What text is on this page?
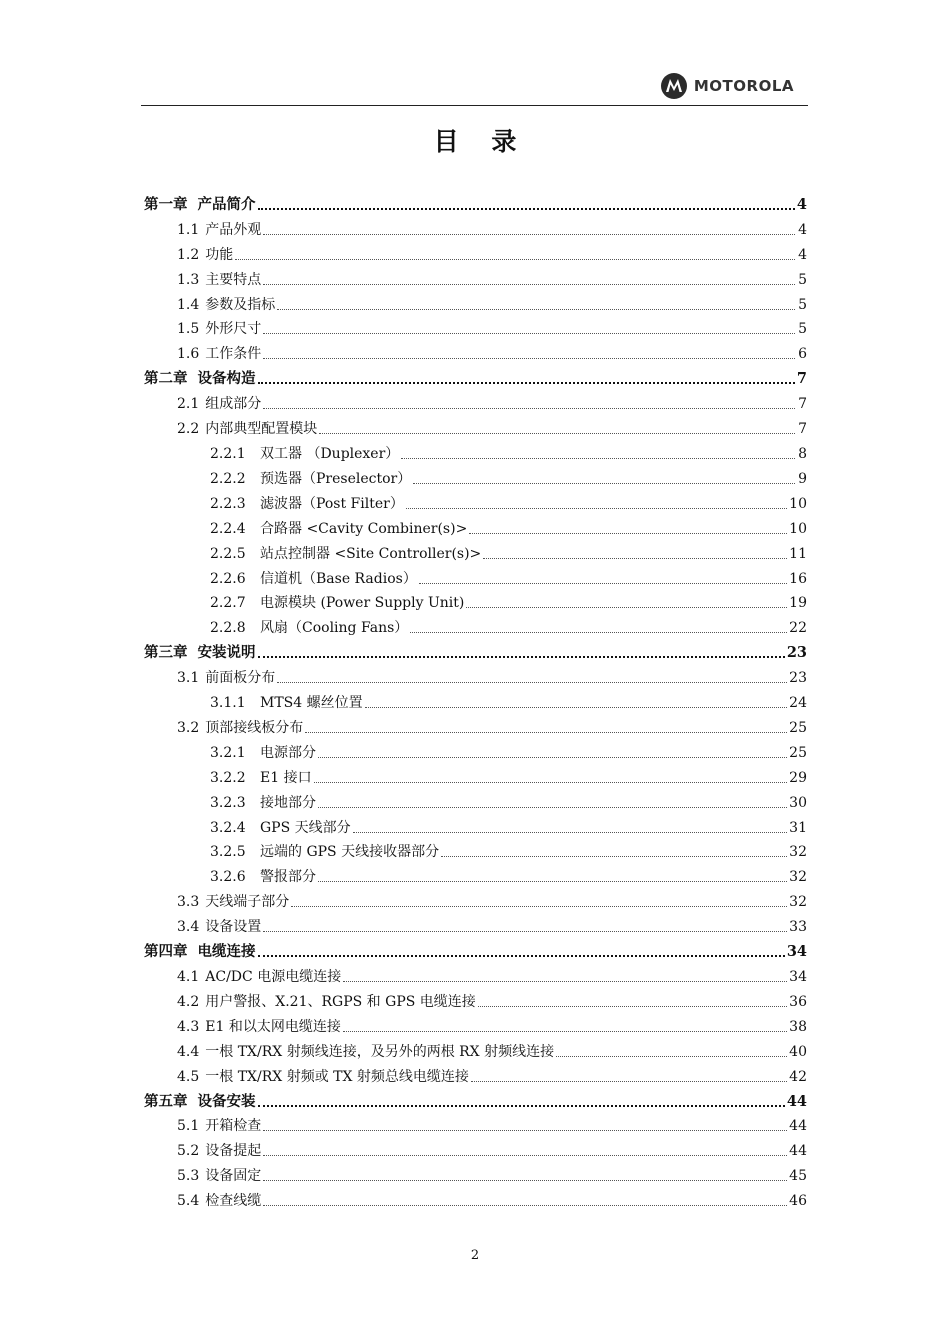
MOTOROLA
目 录
第一章 产品简介	4
1.1 产品外观	4
1.2 功能	4
1.3 主要特点	5
1.4 参数及指标	5
1.5 外形尺寸	5
1.6 工作条件	6
第二章 设备构造	7
2.1 组成部分	7
2.2 内部典型配置模块	7
2.2.1	双工器 （Duplexer）	8
2.2.2	预选器（Preselector）	9
2.2.3	滤波器（Post Filter）	10
2.2.4	合路器 <Cavity Combiner(s)>	10
2.2.5	站点控制器 <Site Controller(s)>	11
2.2.6	信道机（Base Radios）	16
2.2.7	电源模块 (Power Supply Unit)	19
2.2.8	风扇（Cooling Fans）	22
第三章 安装说明	23
3.1 前面板分布	23
3.1.1	MTS4 螺丝位置	24
3.2 顶部接线板分布	25
3.2.1	电源部分	25
3.2.2	E1 接口	29
3.2.3	接地部分	30
3.2.4	GPS 天线部分	31
3.2.5	远端的 GPS 天线接收器部分	32
3.2.6	警报部分	32
3.3 天线端子部分	32
3.4 设备设置	33
第四章 电缆连接	34
4.1 AC/DC 电源电缆连接	34
4.2 用户警报、X.21、RGPS 和 GPS 电缆连接	36
4.3 E1 和以太网电缆连接	38
4.4 一根 TX/RX 射频线连接，及另外的两根 RX 射频线连接	40
4.5 一根 TX/RX 射频或 TX 射频总线电缆连接	42
第五章 设备安装	44
5.1 开箱检查	44
5.2 设备提起	44
5.3 设备固定	45
5.4 检查线缆	46
2
